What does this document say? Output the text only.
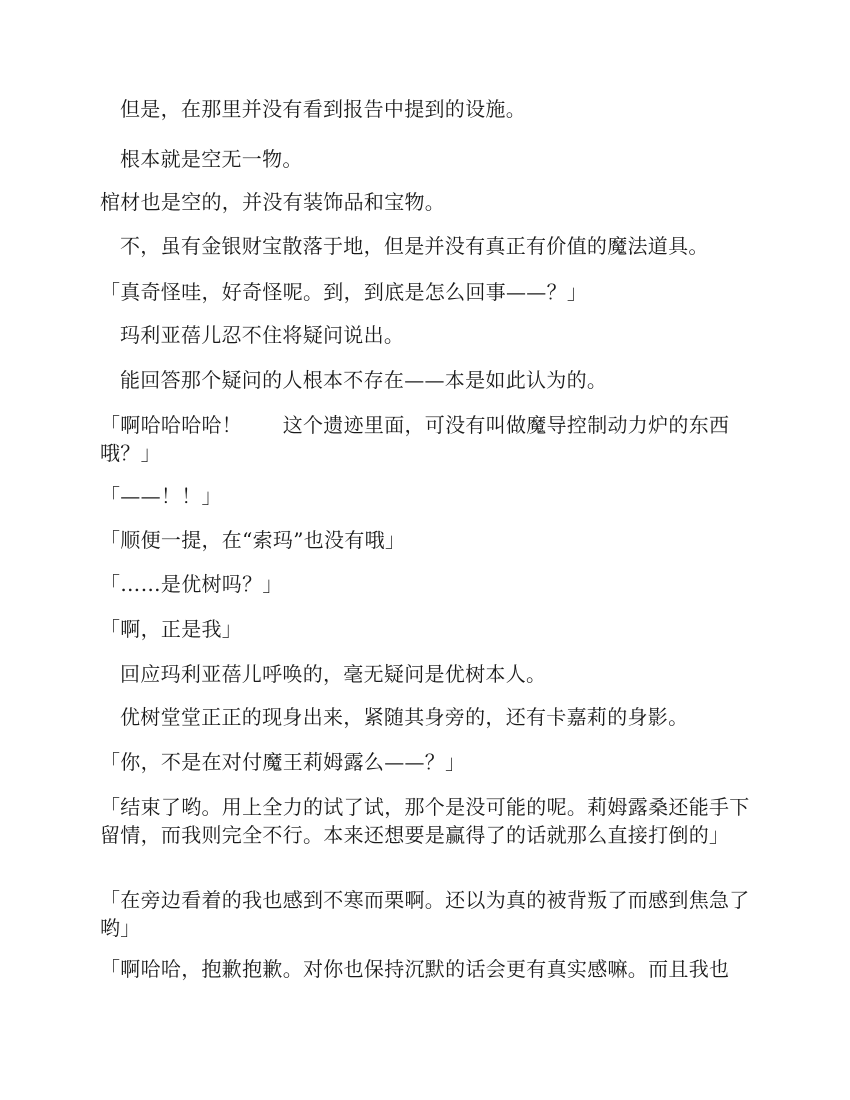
但是，在那里并没有看到报告中提到的设施。

根本就是空无一物。

棺材也是空的，并没有装饰品和宝物。

不，虽有金银财宝散落于地，但是并没有真正有价值的魔法道具。

「真奇怪哇，好奇怪呢。到，到底是怎么回事——？」

玛利亚蓓儿忍不住将疑问说出。

能回答那个疑问的人根本不存在——本是如此认为的。

「啊哈哈哈哈！　　这个遗迹里面，可没有叫做魔导控制动力炉的东西哦？」

「——！！」

「顺便一提，在“索玛”也没有哦」

「……是优树吗？」

「啊，正是我」

回应玛利亚蓓儿呼唤的，毫无疑问是优树本人。

优树堂堂正正的现身出来，紧随其身旁的，还有卡嘉莉的身影。

「你，不是在对付魔王莉姆露么——？」

「结束了哟。用上全力的试了试，那个是没可能的呢。莉姆露桑还能手下留情，而我则完全不行。本来还想要是赢得了的话就那么直接打倒的」

「在旁边看着的我也感到不寒而栗啊。还以为真的被背叛了而感到焦急了哟」

「啊哈哈，抱歉抱歉。对你也保持沉默的话会更有真实感嘛。而且我也
